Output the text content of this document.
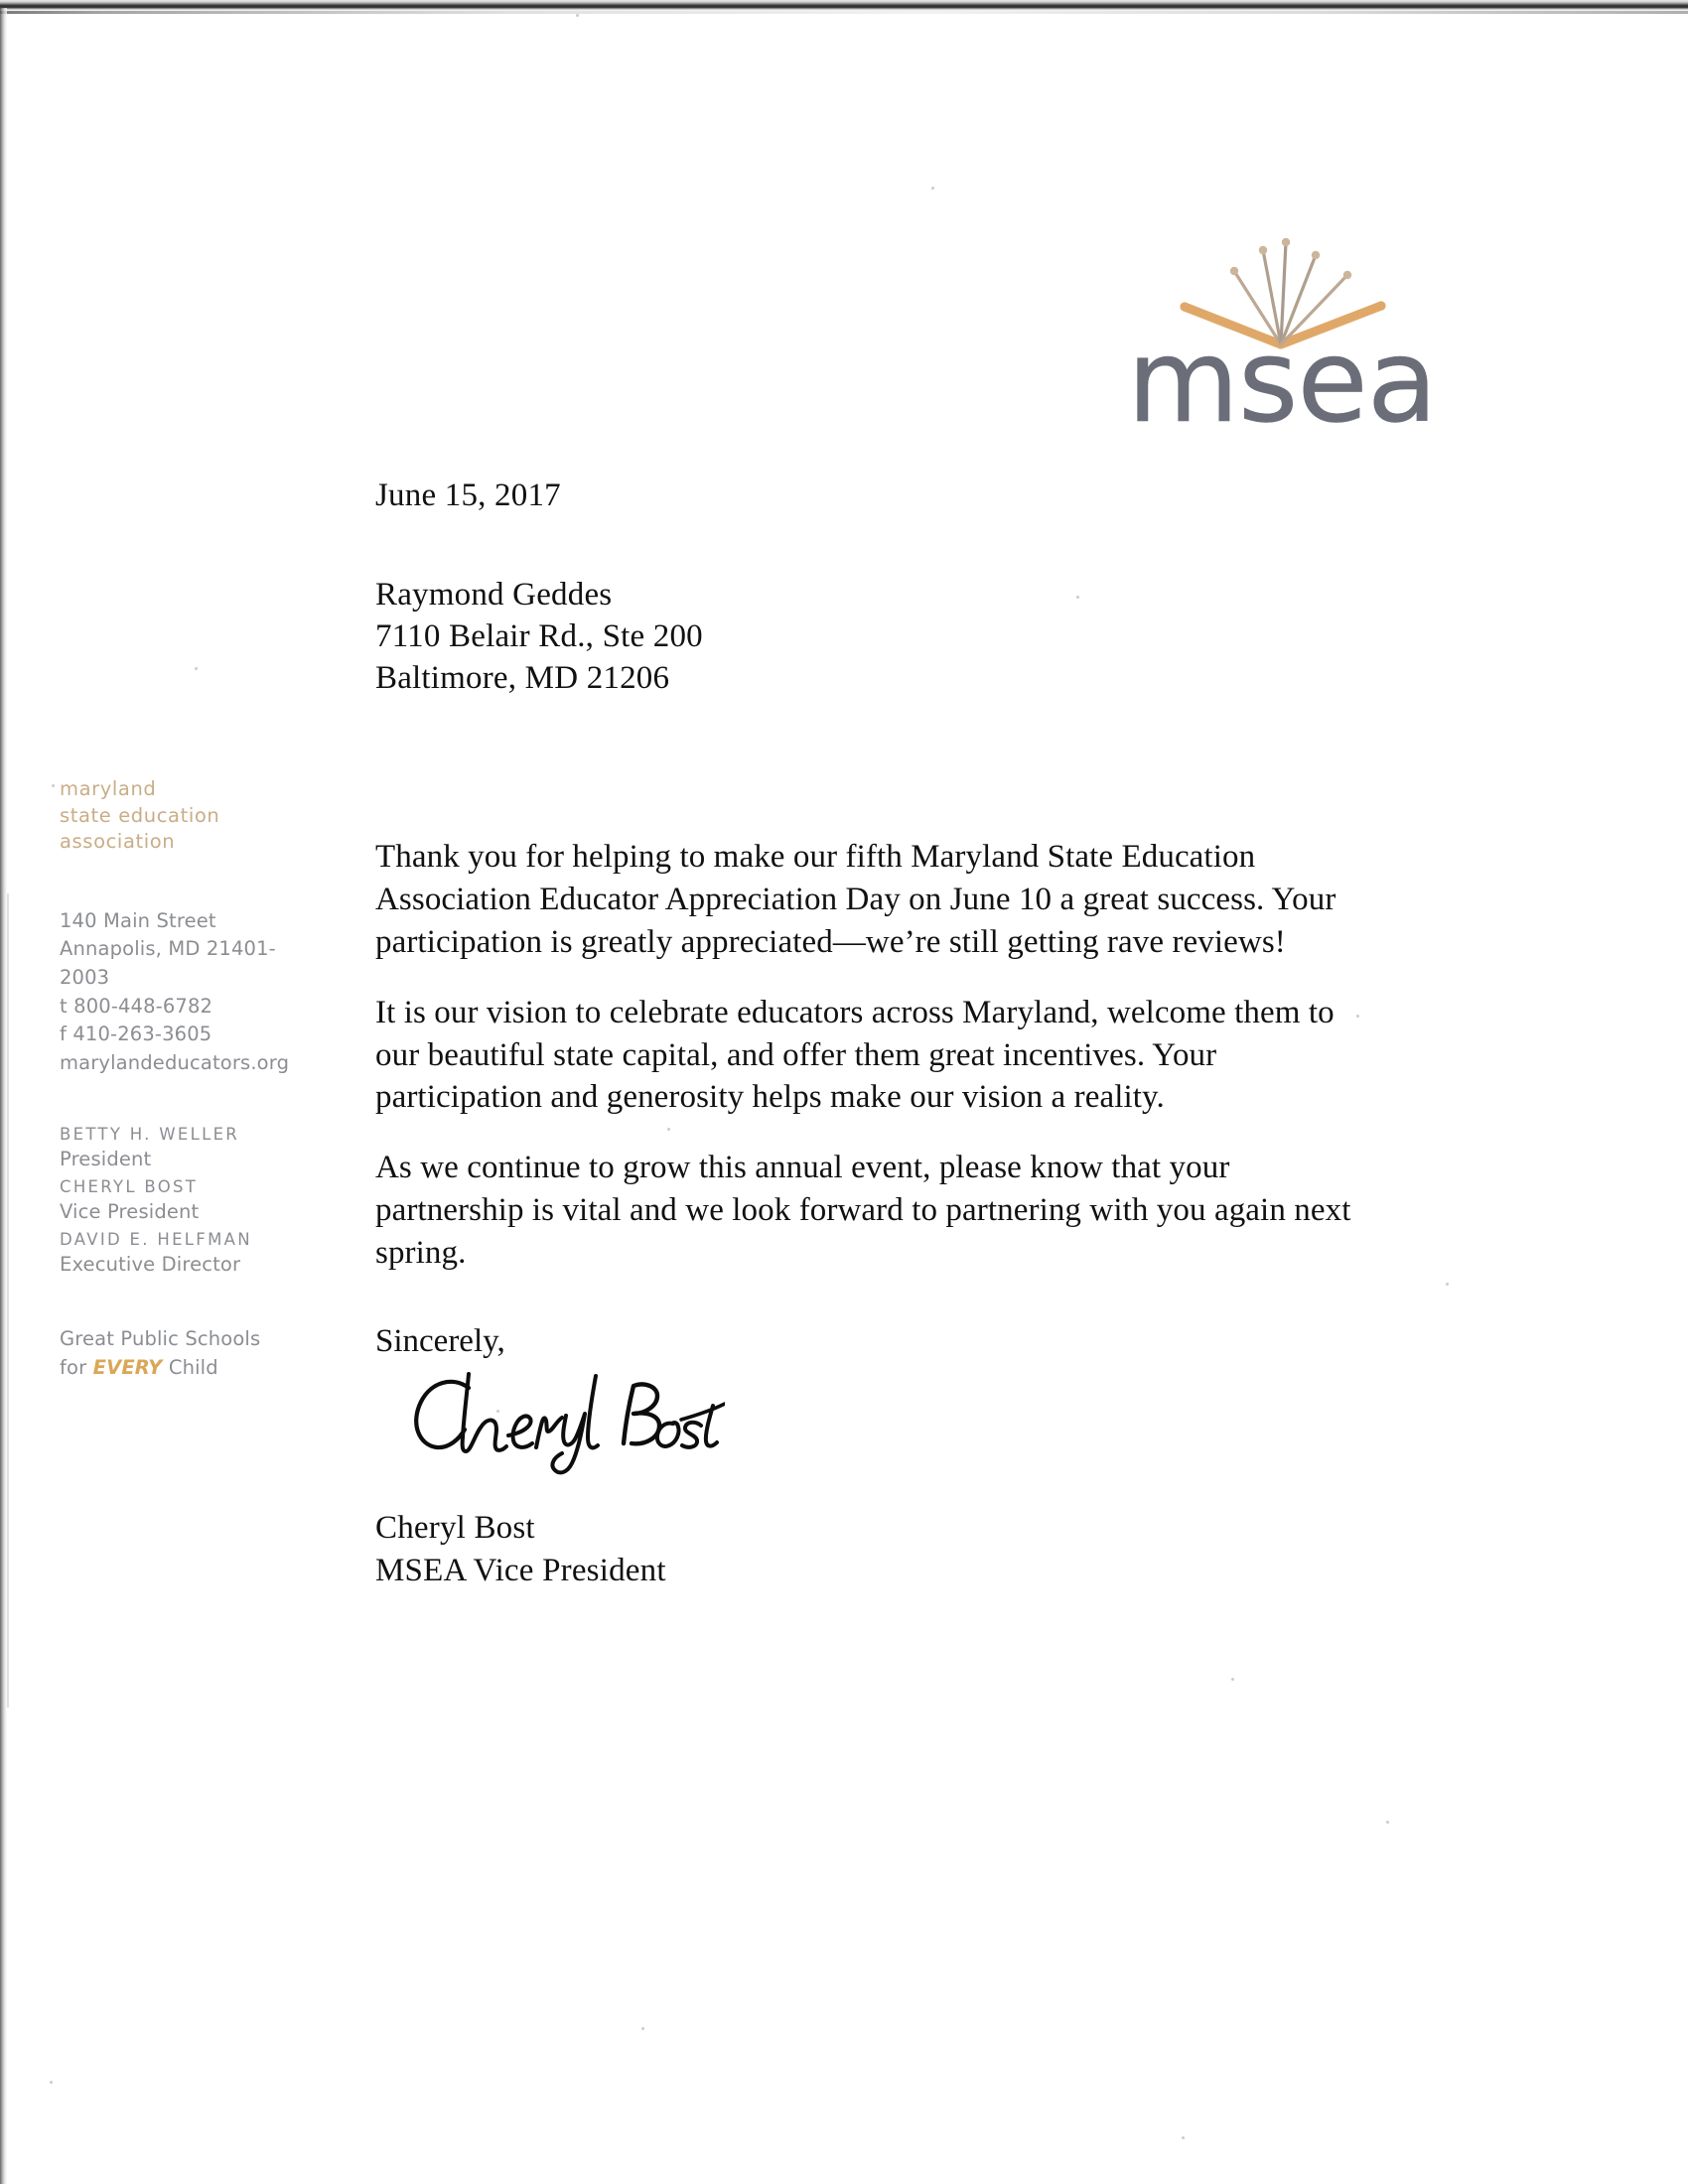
msea
maryland
state education
association
140 Main Street
Annapolis, MD 21401-2003
t 800-448-6782
f 410-263-3605
marylandeducators.org
BETTY H. WELLER
President
CHERYL BOST
Vice President
DAVID E. HELFMAN
Executive Director
Great Public Schools
for EVERY Child
June 15, 2017
Raymond Geddes
7110 Belair Rd., Ste 200
Baltimore, MD 21206

Thank you for helping to make our fifth Maryland State Education Association Educator Appreciation Day on June 10 a great success. Your participation is greatly appreciated—we’re still getting rave reviews!

It is our vision to celebrate educators across Maryland, welcome them to our beautiful state capital, and offer them great incentives. Your participation and generosity helps make our vision a reality.

As we continue to grow this annual event, please know that your partnership is vital and we look forward to partnering with you again next spring.

Sincerely,
Cheryl Bost
MSEA Vice President
